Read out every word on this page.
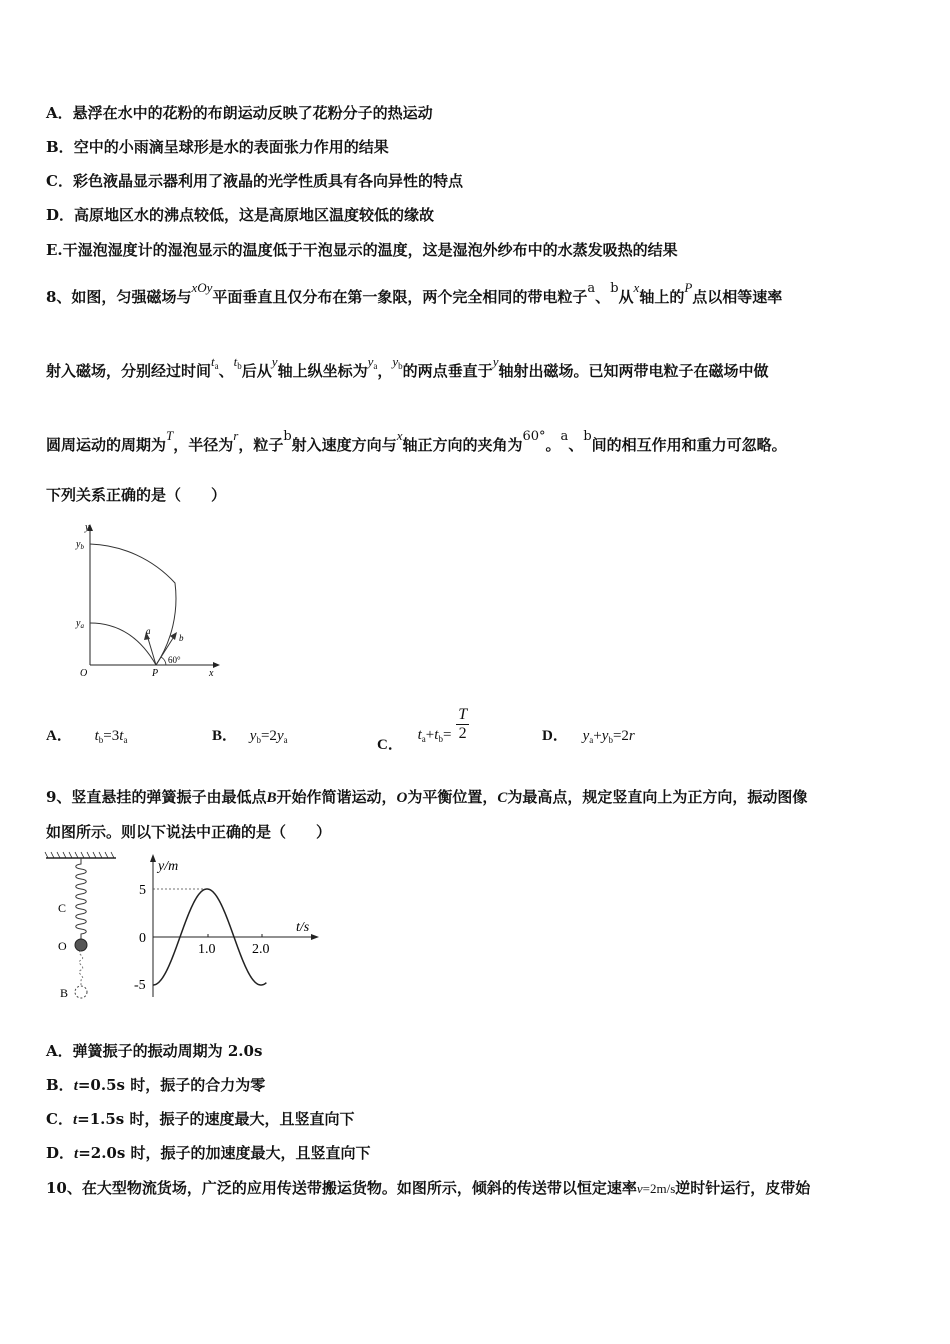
A．悬浮在水中的花粉的布朗运动反映了花粉分子的热运动
B．空中的小雨滴呈球形是水的表面张力作用的结果
C．彩色液晶显示器利用了液晶的光学性质具有各向异性的特点
D．高原地区水的沸点较低，这是高原地区温度较低的缘故
E.干湿泡湿度计的湿泡显示的温度低于干泡显示的温度，这是湿泡外纱布中的水蒸发吸热的结果
8、如图，匀强磁场与xOy平面垂直且仅分布在第一象限，两个完全相同的带电粒子a、b从x轴上的P点以相等速率
射入磁场，分别经过时间$t_a$、$t_b$后从y轴上纵坐标为$y_a$，$y_b$的两点垂直于y轴射出磁场。已知两带电粒子在磁场中做
圆周运动的周期为T，半径为r，粒子b射入速度方向与x轴正方向的夹角为60°。a、b间的相互作用和重力可忽略。
下列关系正确的是（　　）
y
$y_b$
$y_a$
O	P	x
a
b
60°
A． $t_b=3t_a$	B． $y_b=2y_a$	C． $t_a+t_b= \frac{T}{2}$	D． $y_a+y_b=2r$
9、竖直悬挂的弹簧振子由最低点B开始作简谐运动，O为平衡位置，C为最高点，规定竖直向上为正方向，振动图像
如图所示。则以下说法中正确的是（　　）
C
O
B
y/m
t/s
5
0
-5
1.0	2.0
A．弹簧振子的振动周期为 2.0s
B．t=0.5s 时，振子的合力为零
C．t=1.5s 时，振子的速度最大，且竖直向下
D．t=2.0s 时，振子的加速度最大，且竖直向下
10、在大型物流货场，广泛的应用传送带搬运货物。如图所示，倾斜的传送带以恒定速率v=2m/s逆时针运行，皮带始
